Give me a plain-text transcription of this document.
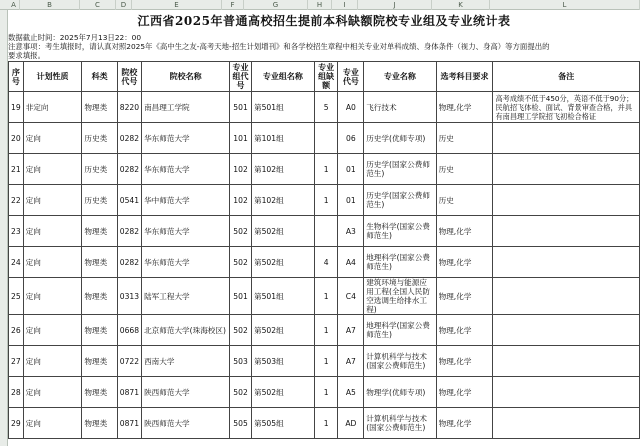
A	B	C	D	E	F	G	H	I	J	K	L
江西省2025年普通高校招生提前本科缺额院校专业组及专业统计表
数据截止时间：2025年7月13日22：00
注意事项：考生填报时，请认真对照2025年《高中生之友-高考天地-招生计划增刊》和各学校招生章程中相关专业对单科成绩、身体条件（视力、身高）等方面提出的
要求填报。
序号	计划性质	科类	院校代号	院校名称	专业组代号	专业组名称	专业组缺额	专业代号	专业名称	选考科目要求	备注
19	非定向	物理类	8220	南昌理工学院	501	第501组	5	A0	飞行技术	物理,化学	高考成绩不低于450分，英语不低于90分；民航招飞体检、面试、背景审查合格，并具有南昌理工学院招飞初检合格证
20	定向	历史类	0282	华东师范大学	101	第101组		06	历史学(优师专项)	历史	
21	定向	历史类	0282	华东师范大学	102	第102组	1	01	历史学(国家公费师范生)	历史	
22	定向	历史类	0541	华中师范大学	102	第102组	1	01	历史学(国家公费师范生)	历史	
23	定向	物理类	0282	华东师范大学	502	第502组		A3	生物科学(国家公费师范生)	物理,化学	
24	定向	物理类	0282	华东师范大学	502	第502组	4	A4	地理科学(国家公费师范生)	物理,化学	
25	定向	物理类	0313	陆军工程大学	501	第501组	1	C4	建筑环境与能源应用工程(全国人民防空选调生给排水工程)	物理,化学	
26	定向	物理类	0668	北京师范大学(珠海校区)	502	第502组	1	A7	地理科学(国家公费师范生)	物理,化学	
27	定向	物理类	0722	西南大学	503	第503组	1	A7	计算机科学与技术(国家公费师范生)	物理,化学	
28	定向	物理类	0871	陕西师范大学	502	第502组	1	A5	物理学(优师专项)	物理,化学	
29	定向	物理类	0871	陕西师范大学	505	第505组	1	AD	计算机科学与技术(国家公费师范生)	物理,化学	
